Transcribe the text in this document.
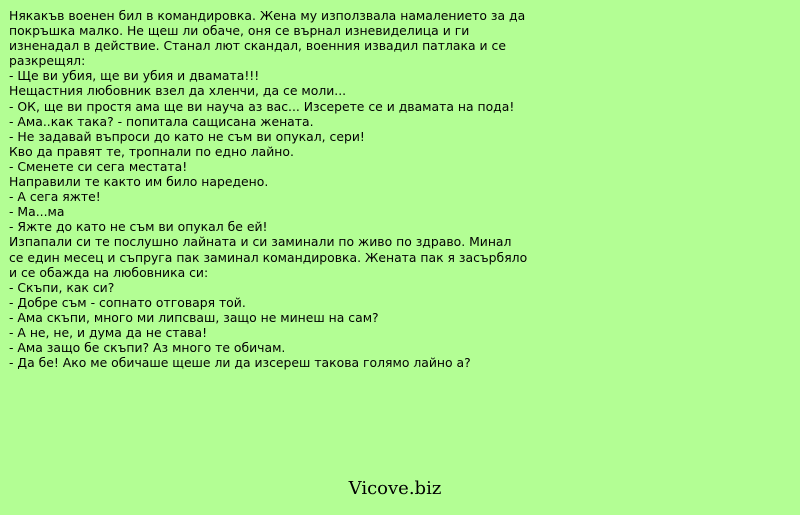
Някакъв военен бил в командировка. Жена му използвала намалението за да
покръшка малко. Не щеш ли обаче, оня се върнал изневиделица и ги
изненадал в действие. Станал лют скандал, военния извадил патлака и се
разкрещял:
- Ще ви убия, ще ви убия и двамата!!!
Нещастния любовник взел да хленчи, да се моли...
- ОК, ще ви простя ама ще ви науча аз вас... Изсерете се и двамата на пода!
- Ама..как така? - попитала сащисана жената.
- Не задавай въпроси до като не съм ви опукал, сери!
Кво да правят те, тропнали по едно лайно.
- Сменете си сега местата!
Направили те както им било наредено.
- А сега яжте!
- Ма...ма
- Яжте до като не съм ви опукал бе ей!
Изпапали си те послушно лайната и си заминали по живо по здраво. Минал
се един месец и съпруга пак заминал командировка. Жената пак я засърбяло
и се обажда на любовника си:
- Скъпи, как си?
- Добре съм - сопнато отговаря той.
- Ама скъпи, много ми липсваш, защо не минеш на сам?
- А не, не, и дума да не става!
- Ама защо бе скъпи? Аз много те обичам.
- Да бе! Ако ме обичаше щеше ли да изсереш такова голямо лайно а?
Vicove.biz
